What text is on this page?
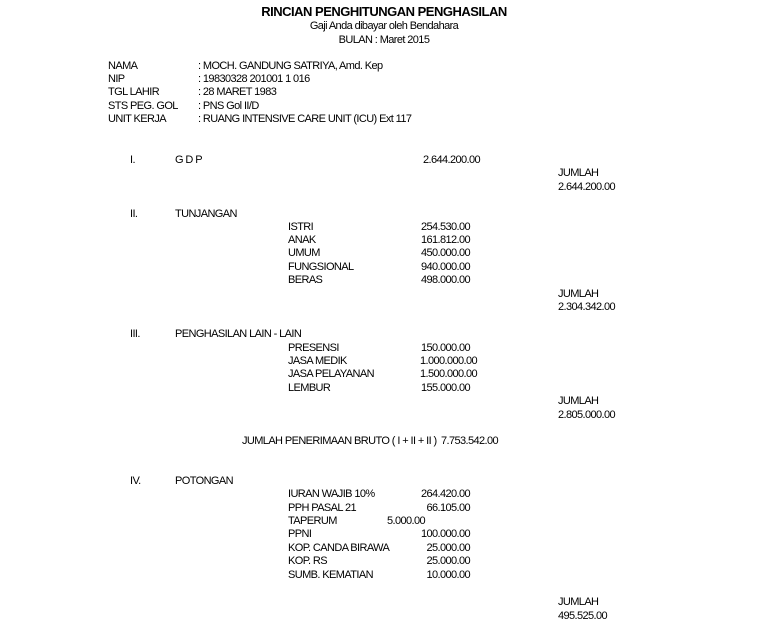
RINCIAN PENGHITUNGAN PENGHASILAN
Gaji Anda dibayar oleh Bendahara
BULAN : Maret 2015
NAMA	: MOCH. GANDUNG SATRIYA, Amd. Kep
NIP	: 19830328 201001 1 016
TGL LAHIR	: 28 MARET 1983
STS PEG. GOL : PNS Gol II/D
UNIT KERJA	: RUANG INTENSIVE CARE UNIT (ICU) Ext 117
I.	G D P	2.644.200.00
JUMLAH
2.644.200.00
II.	TUNJANGAN
ISTRI	254.530.00
ANAK	161.812.00
UMUM	450.000.00
FUNGSIONAL	940.000.00
BERAS	498.000.00
JUMLAH
2.304.342.00
III.	PENGHASILAN LAIN - LAIN
PRESENSI	150.000.00
JASA MEDIK	1.000.000.00
JASA PELAYANAN	1.500.000.00
LEMBUR	155.000.00
JUMLAH
2.805.000.00
JUMLAH PENERIMAAN BRUTO ( I + II + II ) 7.753.542.00
IV.	POTONGAN
IURAN WAJIB 10%	264.420.00
PPH PASAL 21	66.105.00
TAPERUM	5.000.00
PPNI	100.000.00
KOP. CANDA BIRAWA	25.000.00
KOP. RS	25.000.00
SUMB. KEMATIAN	10.000.00
JUMLAH
495.525.00
